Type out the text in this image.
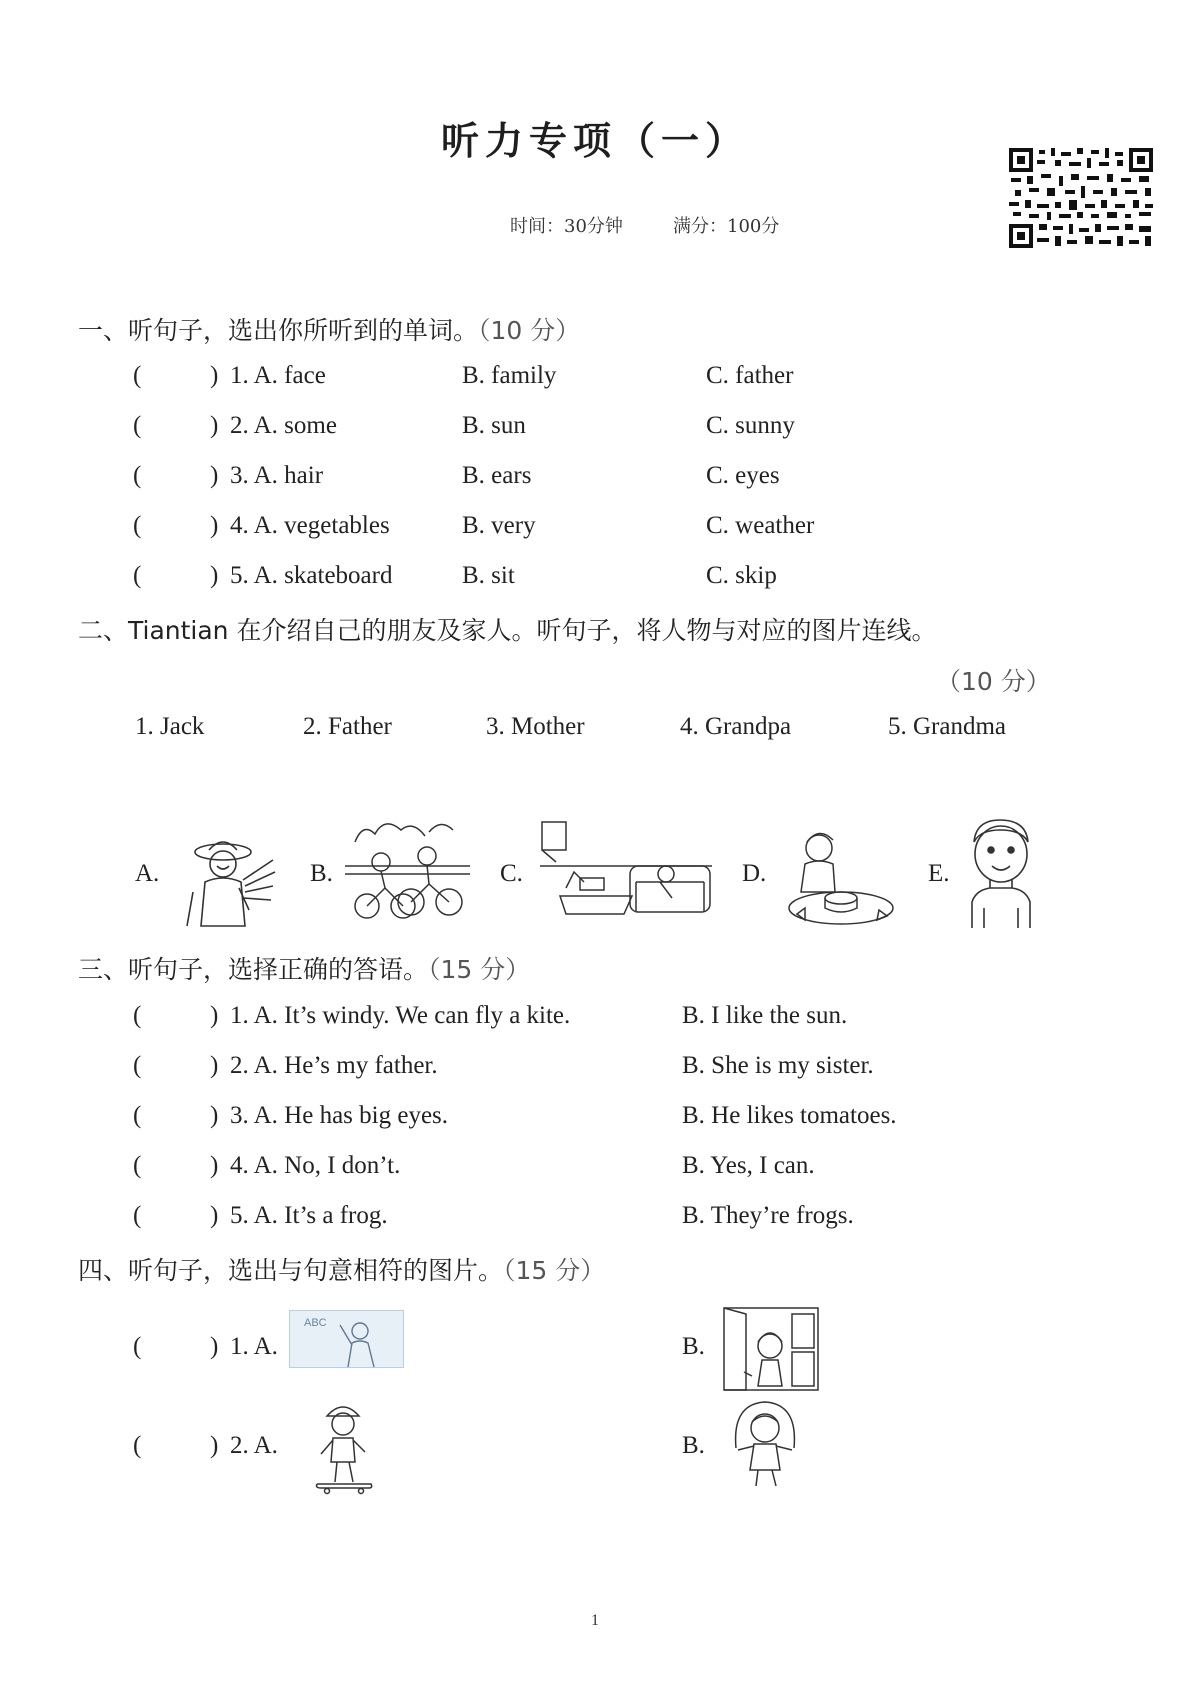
听力专项（一）
时间：30分钟	满分：100分
一、听句子，选出你所听到的单词。（10 分）
(	) 1. A. face	B. family	C. father
(	) 2. A. some	B. sun	C. sunny
(	) 3. A. hair	B. ears	C. eyes
(	) 4. A. vegetables	B. very	C. weather
(	) 5. A. skateboard	B. sit	C. skip
二、Tiantian 在介绍自己的朋友及家人。听句子，将人物与对应的图片连线。
（10 分）
1. Jack	2. Father	3. Mother	4. Grandpa	5. Grandma
A.	B.	C.	D.	E.
三、听句子，选择正确的答语。（15 分）
(	) 1. A. It’s windy. We can fly a kite.	B. I like the sun.
(	) 2. A. He’s my father.	B. She is my sister.
(	) 3. A. He has big eyes.	B. He likes tomatoes.
(	) 4. A. No, I don’t.	B. Yes, I can.
(	) 5. A. It’s a frog.	B. They’re frogs.
四、听句子，选出与句意相符的图片。（15 分）
(	) 1. A.	B.
(	) 2. A.	B.
ABC
1
